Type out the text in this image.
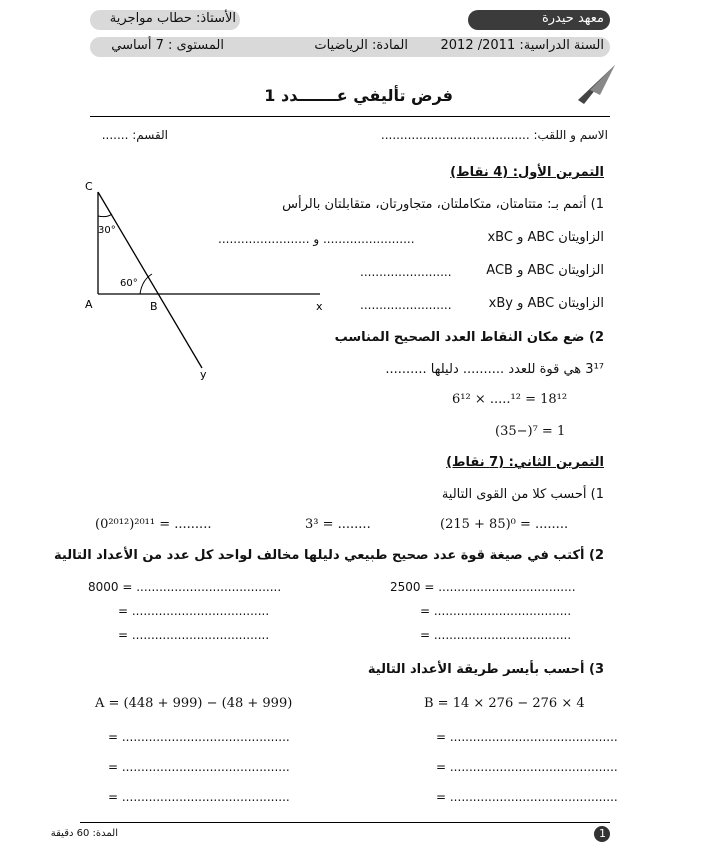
معهد حيدرة
الأستاذ: حطاب مواجرية
السنة الدراسية: 2011/ 2012
المادة: الرياضيات
المستوى : 7 أساسي
فرض تأليفي عـــــــدد 1
الاسم و اللقب: .......................................
القسم: .......
التمرين الأول: (4 نقاط)
1) أتمم بـ: متتامتان، متكاملتان، متجاورتان، متقابلتان بالرأس
الزاويتان ABC و xBC
........................ و ........................
الزاويتان ABC و ACB
........................
الزاويتان ABC و xBy
........................
2) ضع مكان النقاط العدد الصحيح المناسب
3¹⁷ هي قوة للعدد .......... دليلها ..........
6¹² × .....¹² = 18¹²
(35−)⁷ = 1
C
30°
60°
A	B	x
y
التمرين الثاني: (7 نقاط)
1) أحسب كلا من القوى التالية
(215 + 85)⁰ = ........
3³ = ........
(0²⁰¹²)²⁰¹¹ = .........
2) أكتب في صيغة قوة عدد صحيح طبيعي دليلها مخالف لواحد كل عدد من الأعداد التالية
2500 = ....................................
8000 = ......................................
= ....................................
= ....................................
= ....................................
= ....................................
3) أحسب بأيسر طريقة الأعداد التالية
B = 14 × 276 − 276 × 4
A = (448 + 999) − (48 + 999)
= ............................................
= ............................................
= ............................................
= ............................................
= ............................................
= ............................................
1
المدة: 60 دقيقة
